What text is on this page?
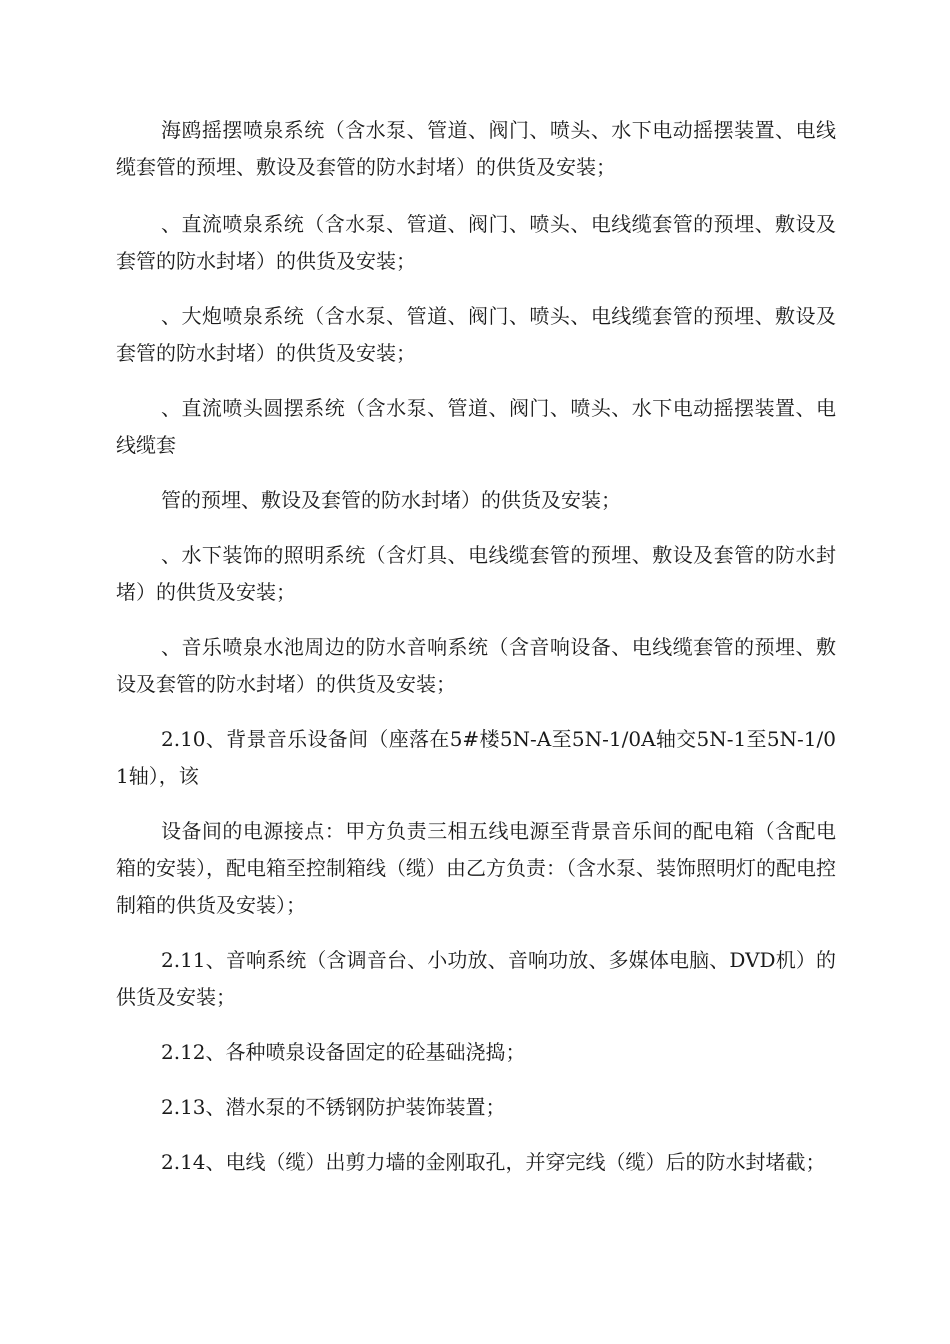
海鸥摇摆喷泉系统（含水泵、管道、阀门、喷头、水下电动摇摆装置、电线缆套管的预埋、敷设及套管的防水封堵）的供货及安装；

、直流喷泉系统（含水泵、管道、阀门、喷头、电线缆套管的预埋、敷设及套管的防水封堵）的供货及安装；

、大炮喷泉系统（含水泵、管道、阀门、喷头、电线缆套管的预埋、敷设及套管的防水封堵）的供货及安装；

、直流喷头圆摆系统（含水泵、管道、阀门、喷头、水下电动摇摆装置、电线缆套

管的预埋、敷设及套管的防水封堵）的供货及安装；

、水下装饰的照明系统（含灯具、电线缆套管的预埋、敷设及套管的防水封堵）的供货及安装；

、音乐喷泉水池周边的防水音响系统（含音响设备、电线缆套管的预埋、敷设及套管的防水封堵）的供货及安装；

2.10、背景音乐设备间（座落在5#楼5N-A至5N-1/0A轴交5N-1至5N-1/01轴），该

设备间的电源接点：甲方负责三相五线电源至背景音乐间的配电箱（含配电箱的安装），配电箱至控制箱线（缆）由乙方负责：（含水泵、装饰照明灯的配电控制箱的供货及安装）；

2.11、音响系统（含调音台、小功放、音响功放、多媒体电脑、DVD机）的供货及安装；

2.12、各种喷泉设备固定的砼基础浇捣；

2.13、潜水泵的不锈钢防护装饰装置；

2.14、电线（缆）出剪力墙的金刚取孔，并穿完线（缆）后的防水封堵截；
